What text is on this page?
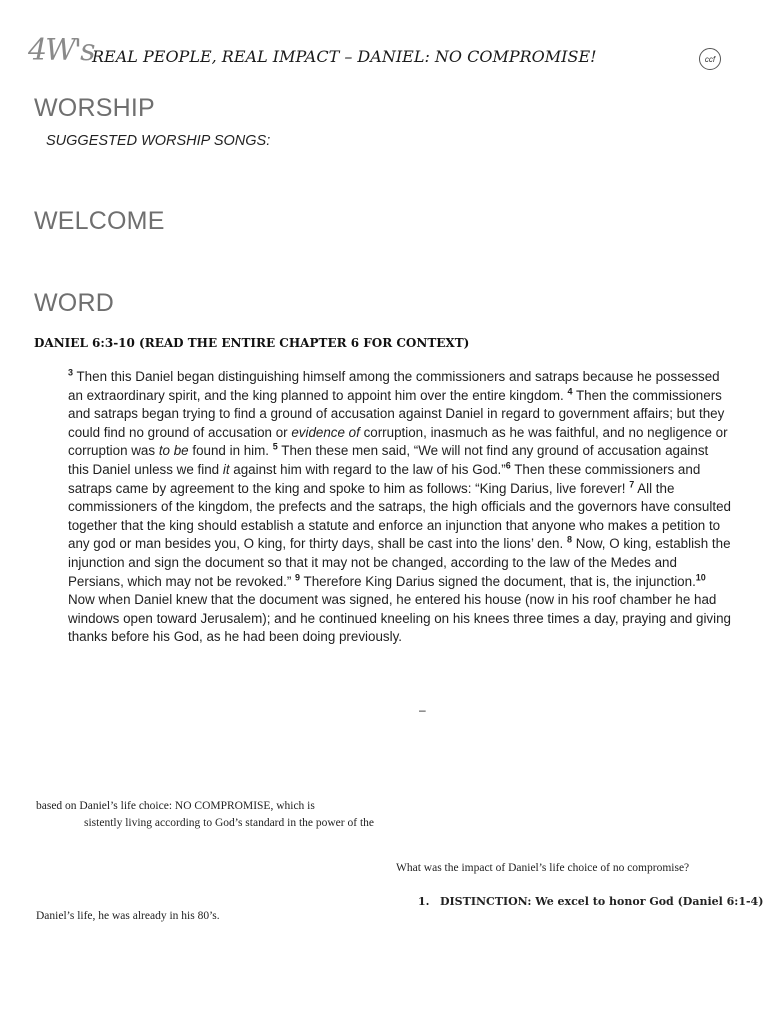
4W's
REAL PEOPLE, REAL IMPACT – DANIEL: NO COMPROMISE!	ccf
WORSHIP
SUGGESTED WORSHIP SONGS:
WELCOME
WORD
DANIEL 6:3-10 (READ THE ENTIRE CHAPTER 6 FOR CONTEXT)
$^3$ Then this Daniel began distinguishing himself among the commissioners and satraps because he possessed an extraordinary spirit, and the king planned to appoint him over the entire kingdom. $^4$ Then the commissioners and satraps began trying to find a ground of accusation against Daniel in regard to government affairs; but they could find no ground of accusation or evidence of corruption, inasmuch as he was faithful, and no negligence or corruption was to be found in him. $^5$ Then these men said, “We will not find any ground of accusation against this Daniel unless we find it against him with regard to the law of his God.”$^6$ Then these commissioners and satraps came by agreement to the king and spoke to him as follows: “King Darius, live forever! $^7$ All the commissioners of the kingdom, the prefects and the satraps, the high officials and the governors have consulted together that the king should establish a statute and enforce an injunction that anyone who makes a petition to any god or man besides you, O king, for thirty days, shall be cast into the lions’ den. $^8$ Now, O king, establish the injunction and sign the document so that it may not be changed, according to the law of the Medes and Persians, which may not be revoked.” $^9$ Therefore King Darius signed the document, that is, the injunction.$^{10}$ Now when Daniel knew that the document was signed, he entered his house (now in his roof chamber he had windows open toward Jerusalem); and he continued kneeling on his knees three times a day, praying and giving thanks before his God, as he had been doing previously.
–
based on Daniel’s life choice: NO COMPROMISE, which is
sistently living according to God’s standard in the power of the
What was the impact of Daniel’s life choice of no compromise?
1. DISTINCTION: We excel to honor God (Daniel 6:1-4)
Daniel’s life, he was already in his 80’s.
